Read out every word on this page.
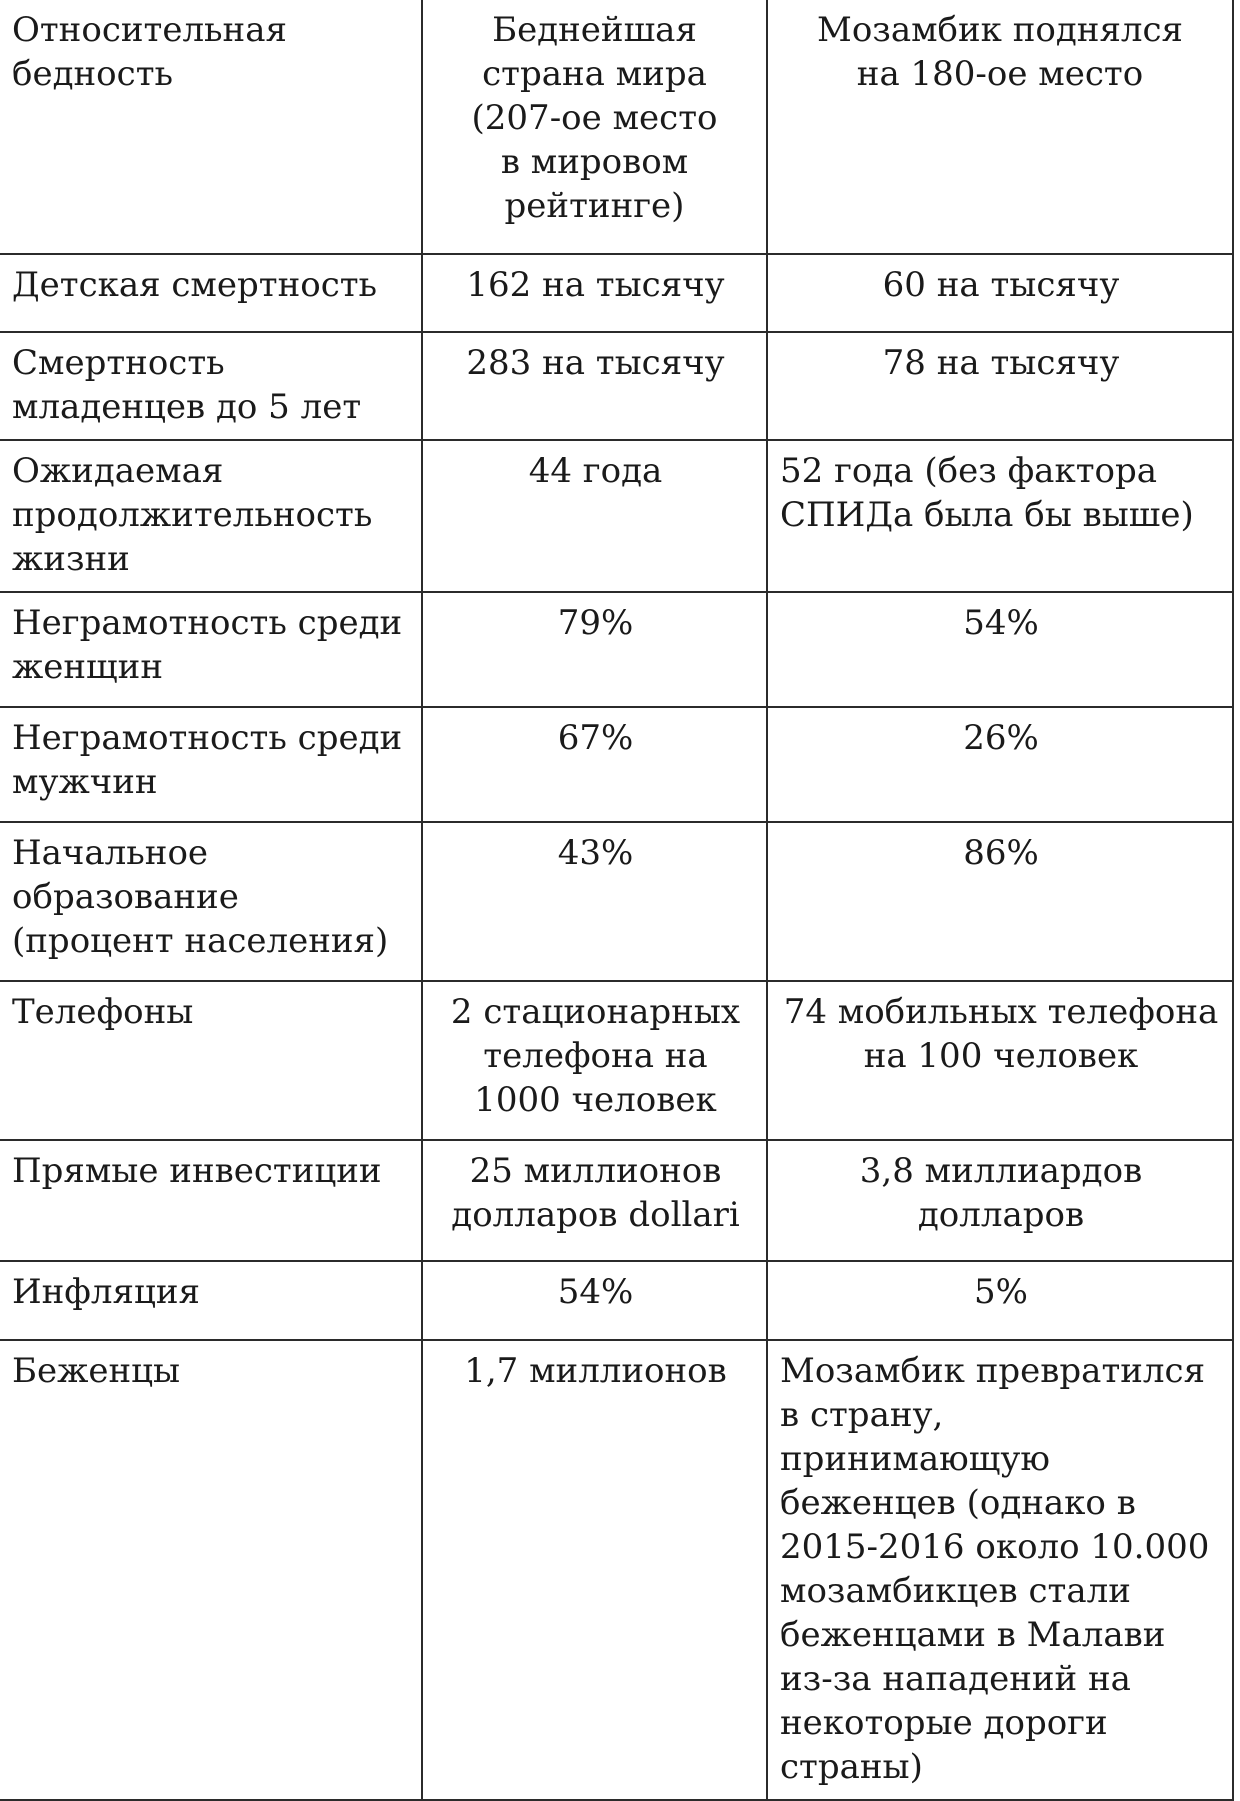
Относительная бедность	Беднейшая страна мира (207-ое место в мировом рейтинге)	Мозамбик поднялся на 180-ое место
Детская смертность	162 на тысячу	60 на тысячу
Смертность младенцев до 5 лет	283 на тысячу	78 на тысячу
Ожидаемая продолжительность жизни	44 года	52 года (без фактора СПИДа была бы выше)
Неграмотность среди женщин	79%	54%
Неграмотность среди мужчин	67%	26%
Начальное образование (процент населения)	43%	86%
Телефоны	2 стационарных телефона на 1000 человек	74 мобильных телефона на 100 человек
Прямые инвестиции	25 миллионов долларов dollari	3,8 миллиардов долларов
Инфляция	54%	5%
Беженцы	1,7 миллионов	Мозамбик превратился в страну, принимающую беженцев (однако в 2015-2016 около 10.000 мозамбикцев стали беженцами в Малави из-за нападений на некоторые дороги страны)
